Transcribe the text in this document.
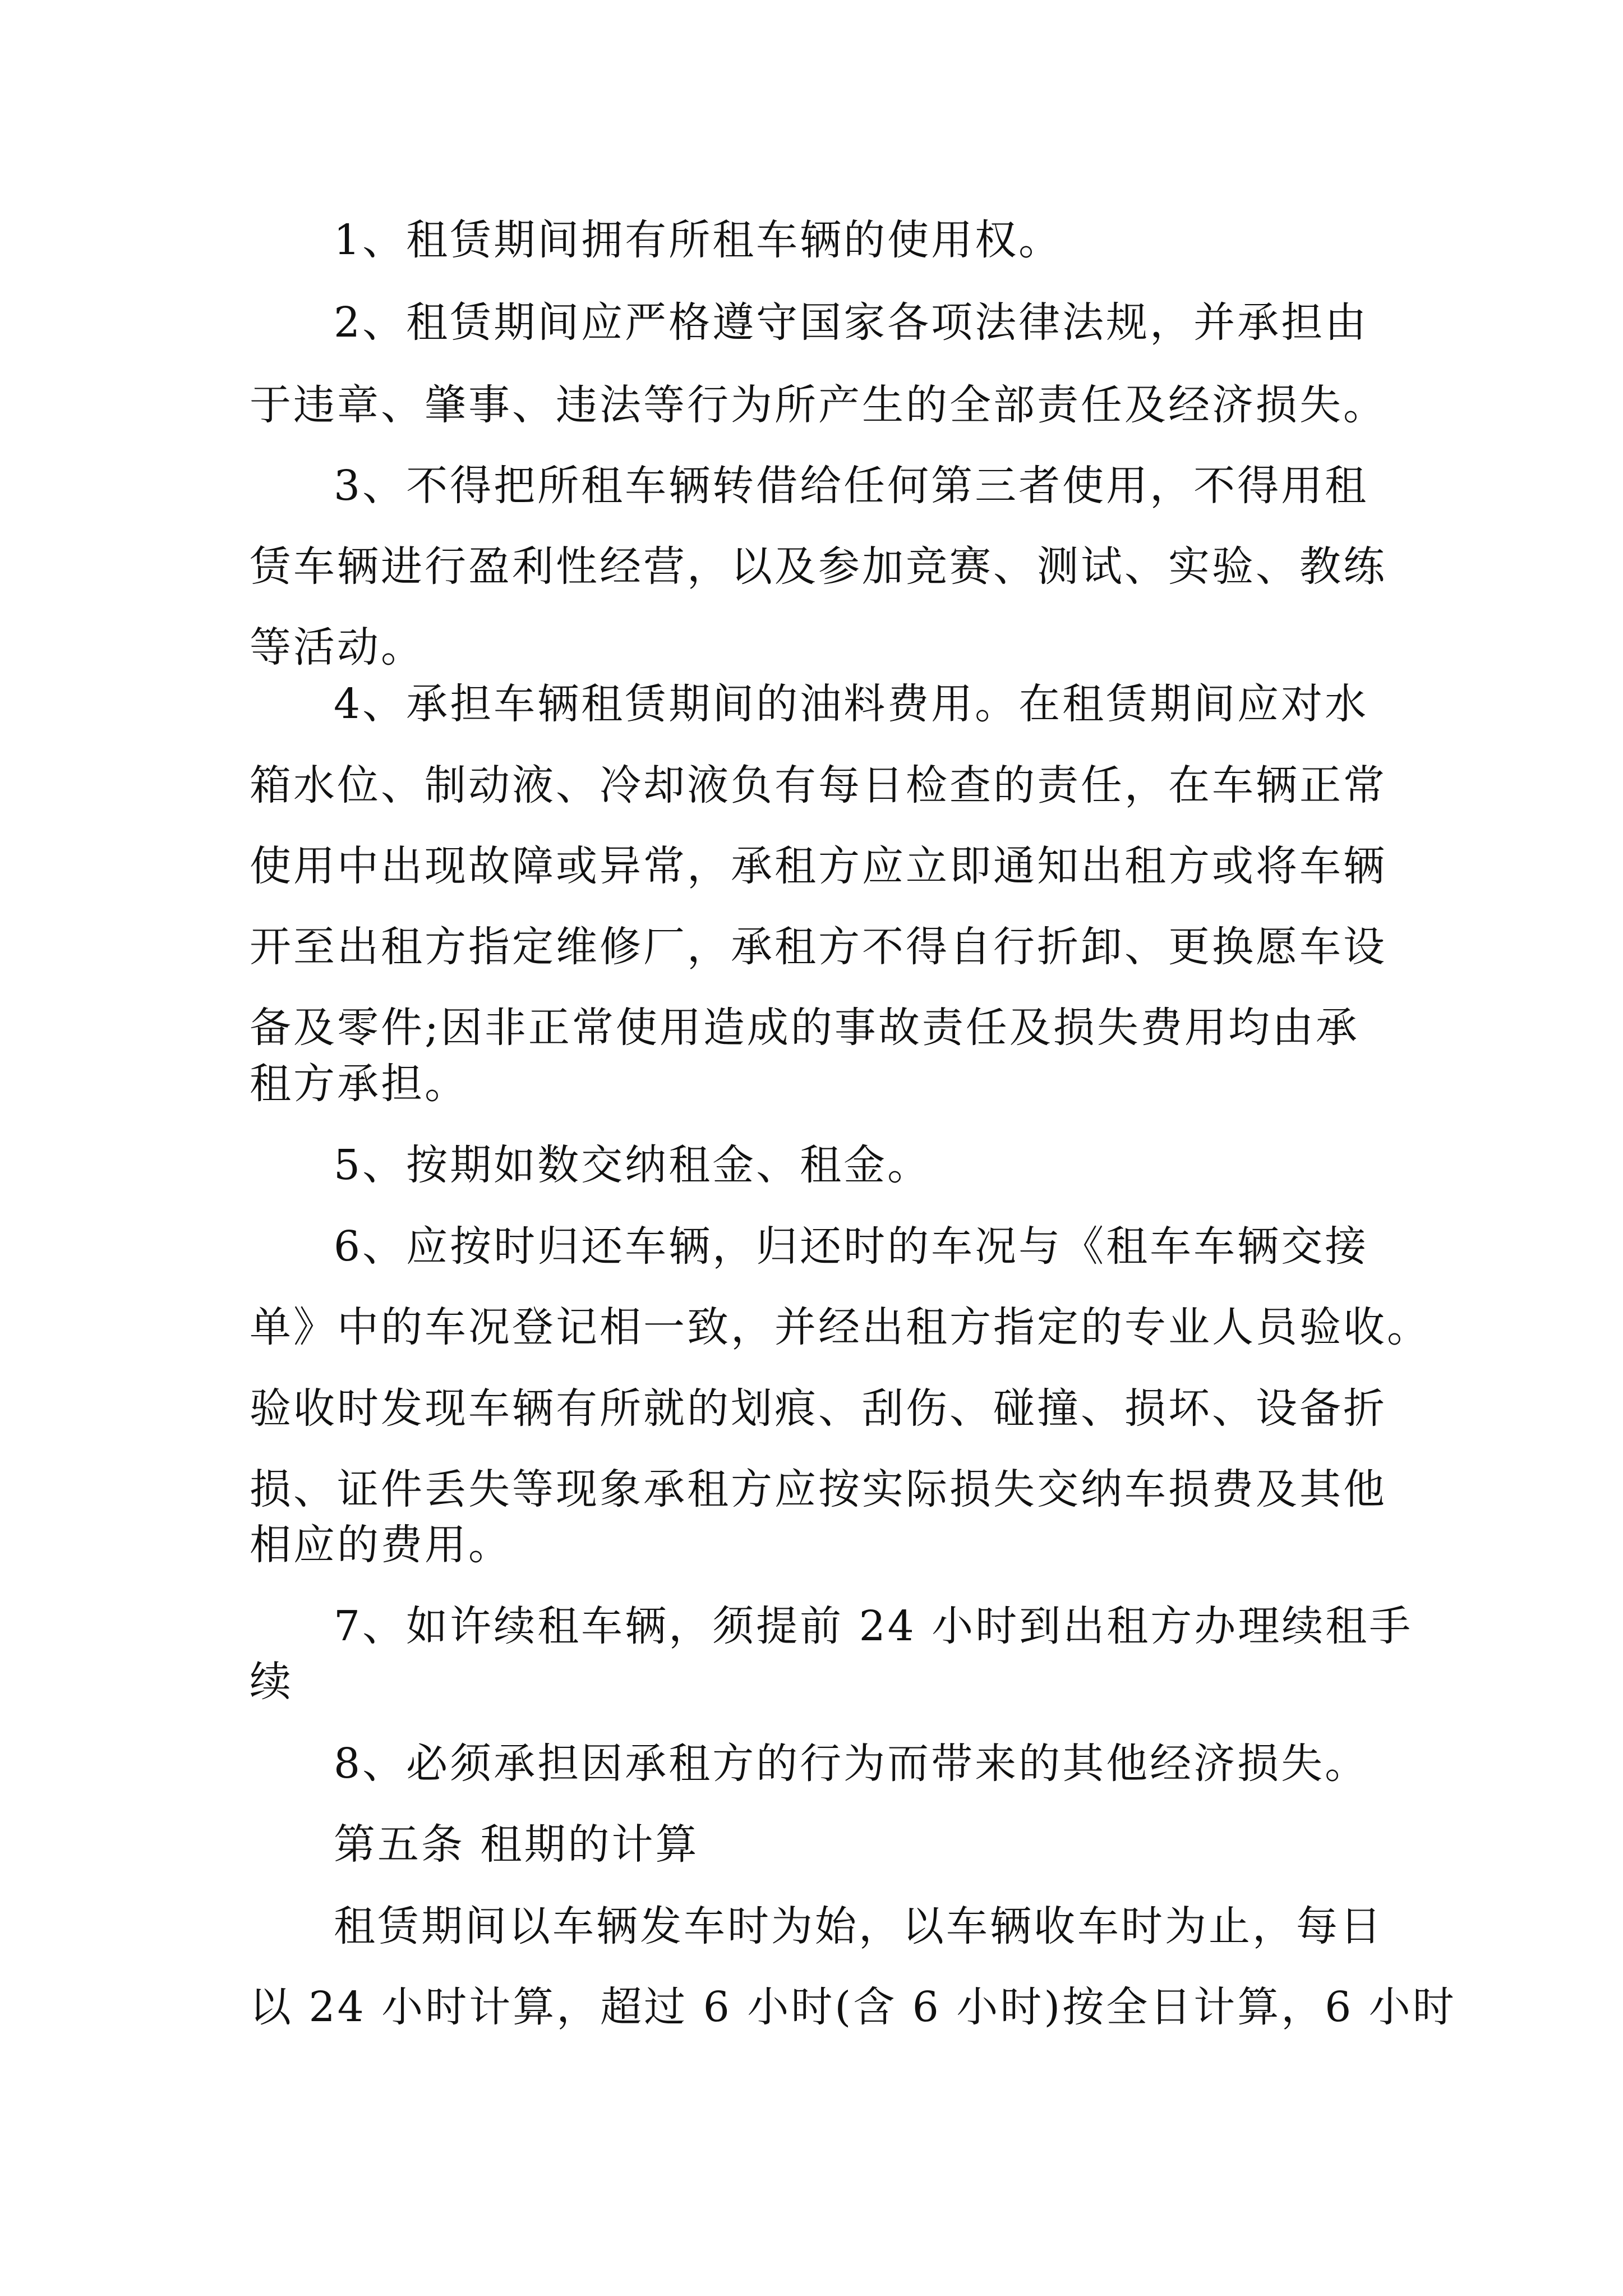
1、租赁期间拥有所租车辆的使用权。
2、租赁期间应严格遵守国家各项法律法规，并承担由
于违章、肇事、违法等行为所产生的全部责任及经济损失。
3、不得把所租车辆转借给任何第三者使用，不得用租
赁车辆进行盈利性经营，以及参加竞赛、测试、实验、教练
等活动。
4、承担车辆租赁期间的油料费用。在租赁期间应对水
箱水位、制动液、冷却液负有每日检查的责任，在车辆正常
使用中出现故障或异常，承租方应立即通知出租方或将车辆
开至出租方指定维修厂，承租方不得自行折卸、更换愿车设
备及零件;因非正常使用造成的事故责任及损失费用均由承
租方承担。
5、按期如数交纳租金、租金。
6、应按时归还车辆，归还时的车况与《租车车辆交接
单》中的车况登记相一致，并经出租方指定的专业人员验收。
验收时发现车辆有所就的划痕、刮伤、碰撞、损坏、设备折
损、证件丢失等现象承租方应按实际损失交纳车损费及其他
相应的费用。
7、如许续租车辆，须提前 24 小时到出租方办理续租手
续
8、必须承担因承租方的行为而带来的其他经济损失。
第五条 租期的计算
租赁期间以车辆发车时为始，以车辆收车时为止，每日
以 24 小时计算，超过 6 小时(含 6 小时)按全日计算，6 小时
